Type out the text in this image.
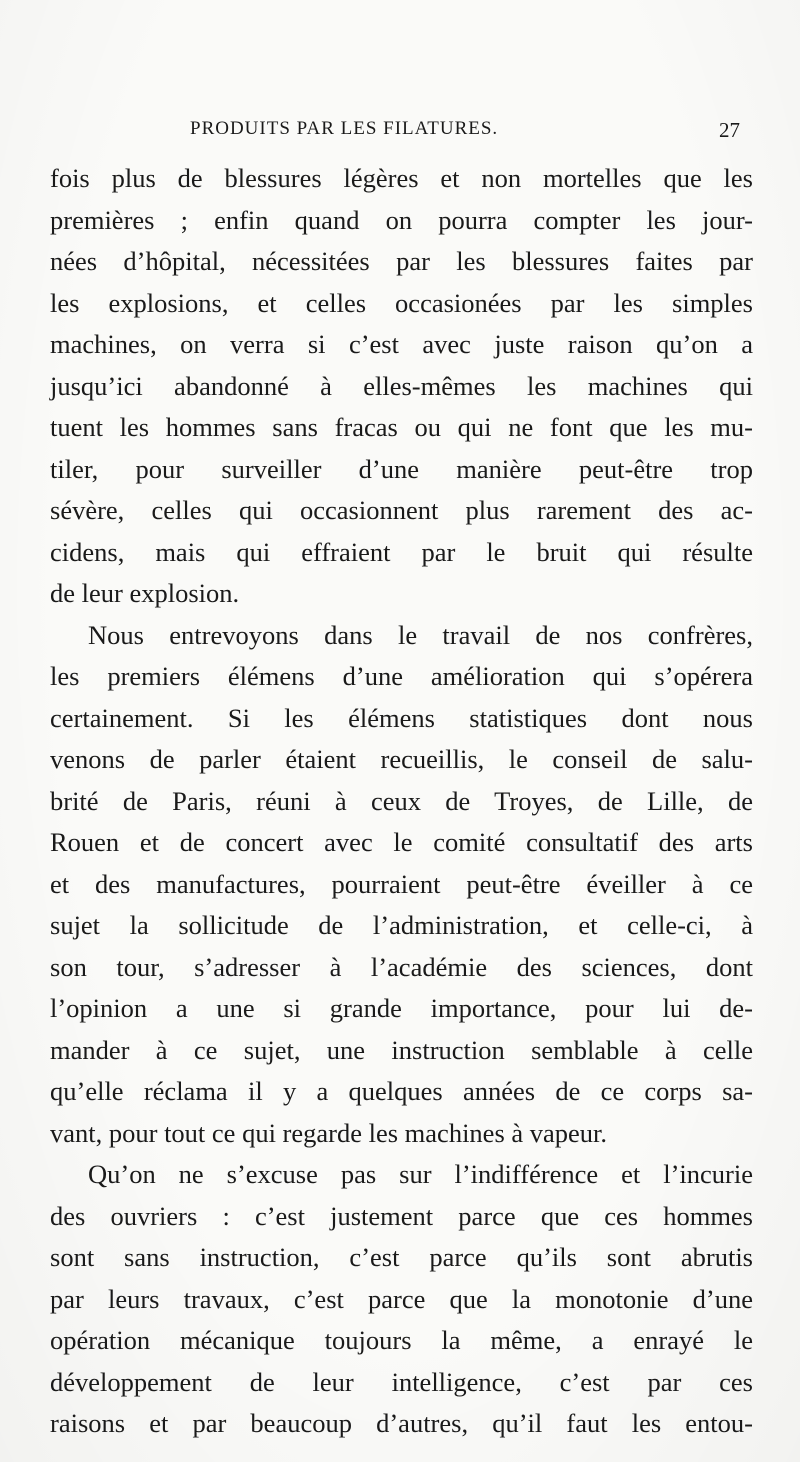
PRODUITS PAR LES FILATURES.	27
fois plus de blessures légères et non mortelles que les
premières ; enfin quand on pourra compter les jour-
nées d’hôpital, nécessitées par les blessures faites par
les explosions, et celles occasionées par les simples
machines, on verra si c’est avec juste raison qu’on a
jusqu’ici abandonné à elles-mêmes les machines qui
tuent les hommes sans fracas ou qui ne font que les mu-
tiler, pour surveiller d’une manière peut-être trop
sévère, celles qui occasionnent plus rarement des ac-
cidens, mais qui effraient par le bruit qui résulte
de leur explosion.
Nous entrevoyons dans le travail de nos confrères,
les premiers élémens d’une amélioration qui s’opérera
certainement. Si les élémens statistiques dont nous
venons de parler étaient recueillis, le conseil de salu-
brité de Paris, réuni à ceux de Troyes, de Lille, de
Rouen et de concert avec le comité consultatif des arts
et des manufactures, pourraient peut-être éveiller à ce
sujet la sollicitude de l’administration, et celle-ci, à
son tour, s’adresser à l’académie des sciences, dont
l’opinion a une si grande importance, pour lui de-
mander à ce sujet, une instruction semblable à celle
qu’elle réclama il y a quelques années de ce corps sa-
vant, pour tout ce qui regarde les machines à vapeur.
Qu’on ne s’excuse pas sur l’indifférence et l’incurie
des ouvriers : c’est justement parce que ces hommes
sont sans instruction, c’est parce qu’ils sont abrutis
par leurs travaux, c’est parce que la monotonie d’une
opération mécanique toujours la même, a enrayé le
développement de leur intelligence, c’est par ces
raisons et par beaucoup d’autres, qu’il faut les entou-
